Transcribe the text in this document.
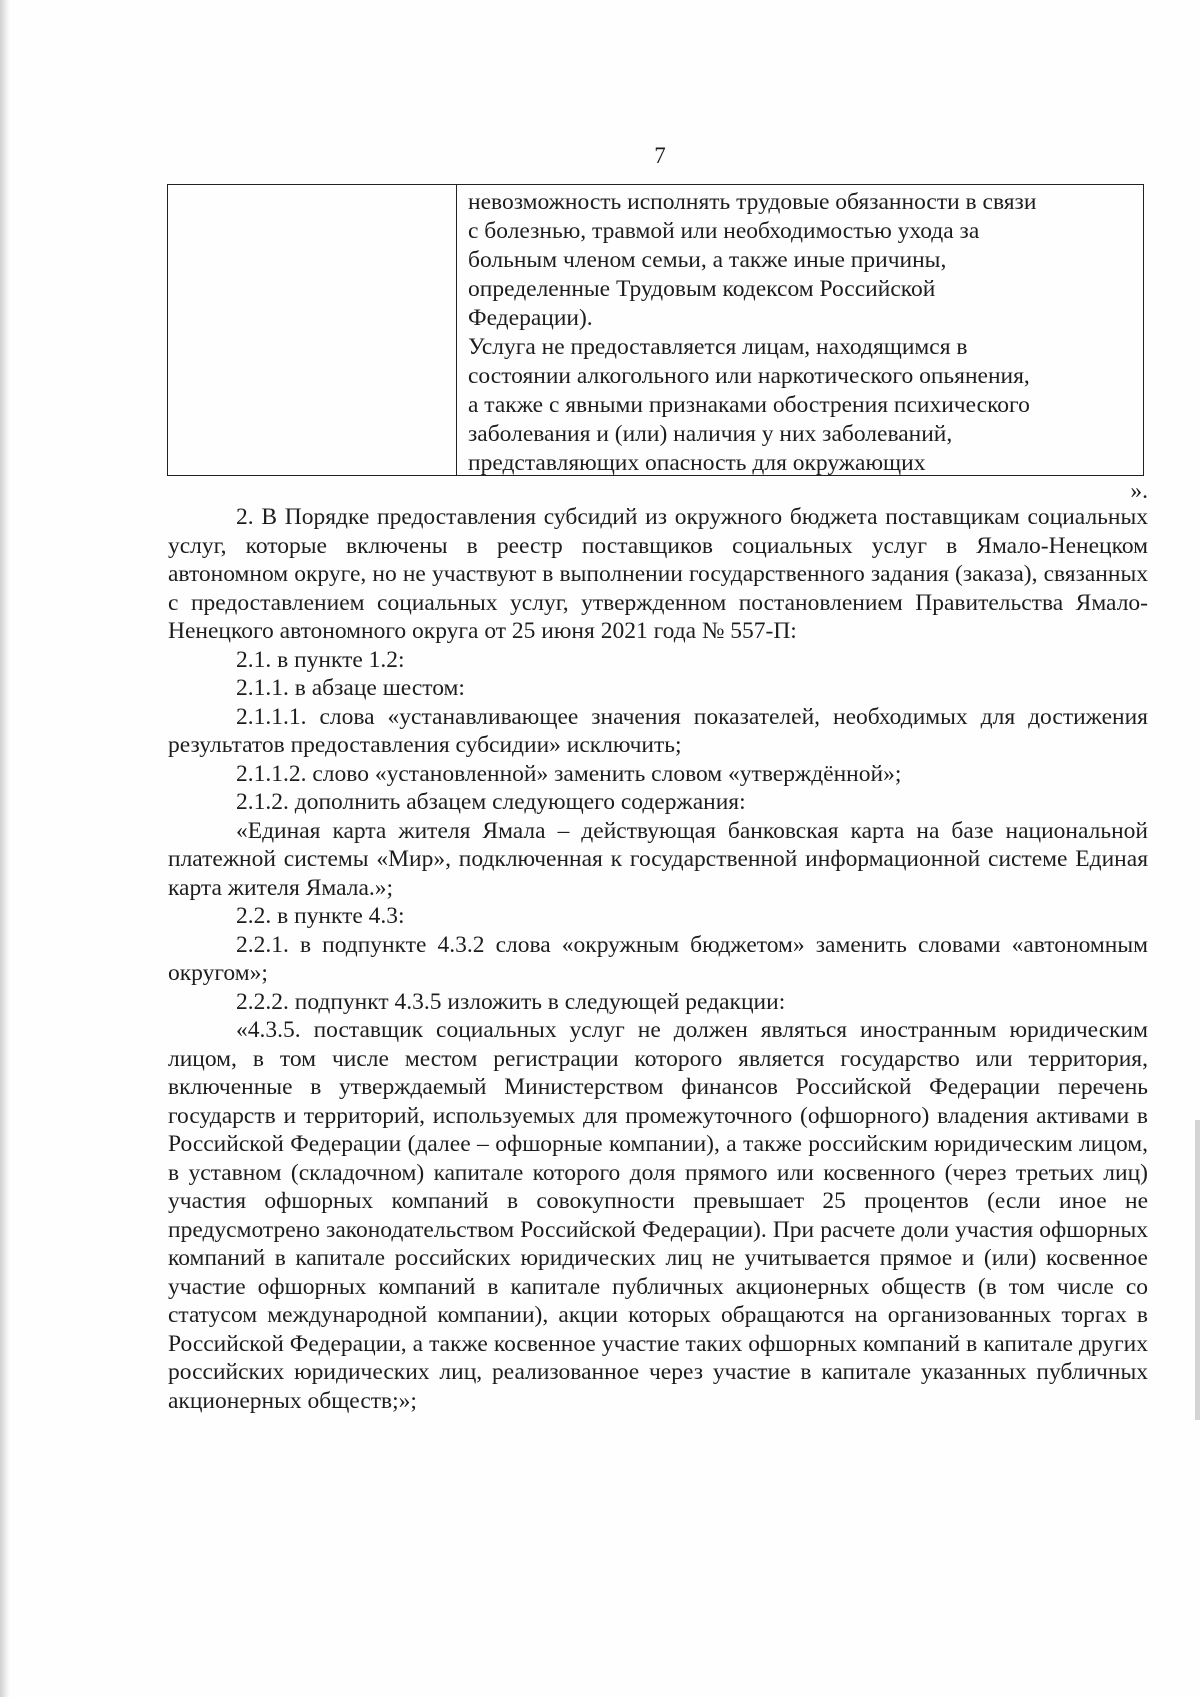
7
невозможность исполнять трудовые обязанности в связи
с болезнью, травмой или необходимостью ухода за
больным членом семьи, а также иные причины,
определенные Трудовым кодексом Российской
Федерации).
Услуга не предоставляется лицам, находящимся в
состоянии алкогольного или наркотического опьянения,
а также с явными признаками обострения психического
заболевания и (или) наличия у них заболеваний,
представляющих опасность для окружающих
».

2. В Порядке предоставления субсидий из окружного бюджета поставщикам социальных услуг, которые включены в реестр поставщиков социальных услуг в Ямало-Ненецком автономном округе, но не участвуют в выполнении государственного задания (заказа), связанных с предоставлением социальных услуг, утвержденном постановлением Правительства Ямало-Ненецкого автономного округа от 25 июня 2021 года № 557-П:

2.1. в пункте 1.2:

2.1.1. в абзаце шестом:

2.1.1.1. слова «устанавливающее значения показателей, необходимых для достижения результатов предоставления субсидии» исключить;

2.1.1.2. слово «установленной» заменить словом «утверждённой»;

2.1.2. дополнить абзацем следующего содержания:

«Единая карта жителя Ямала – действующая банковская карта на базе национальной платежной системы «Мир», подключенная к государственной информационной системе Единая карта жителя Ямала.»;

2.2. в пункте 4.3:

2.2.1. в подпункте 4.3.2 слова «окружным бюджетом» заменить словами «автономным округом»;

2.2.2. подпункт 4.3.5 изложить в следующей редакции:

«4.3.5. поставщик социальных услуг не должен являться иностранным юридическим лицом, в том числе местом регистрации которого является государство или территория, включенные в утверждаемый Министерством финансов Российской Федерации перечень государств и территорий, используемых для промежуточного (офшорного) владения активами в Российской Федерации (далее – офшорные компании), а также российским юридическим лицом, в уставном (складочном) капитале которого доля прямого или косвенного (через третьих лиц) участия офшорных компаний в совокупности превышает 25 процентов (если иное не предусмотрено законодательством Российской Федерации). При расчете доли участия офшорных компаний в капитале российских юридических лиц не учитывается прямое и (или) косвенное участие офшорных компаний в капитале публичных акционерных обществ (в том числе со статусом международной компании), акции которых обращаются на организованных торгах в Российской Федерации, а также косвенное участие таких офшорных компаний в капитале других российских юридических лиц, реализованное через участие в капитале указанных публичных акционерных обществ;»;
